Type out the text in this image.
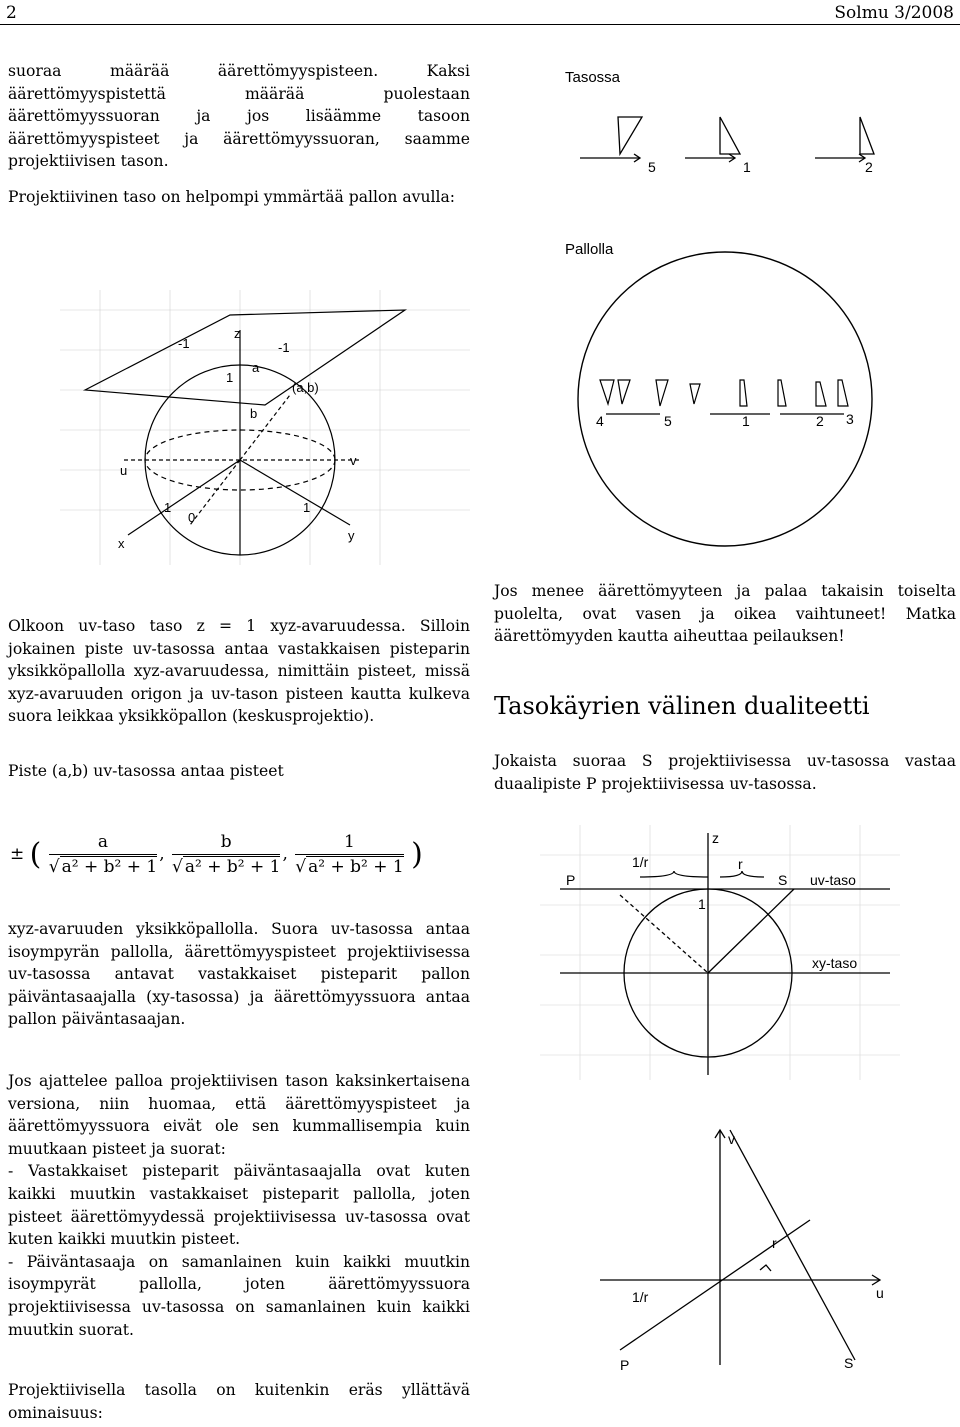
2	Solmu 3/2008
suoraa määrää äärettömyyspisteen. Kaksi äärettömyyspistettä määrää puolestaan äärettömyyssuoran ja jos lisäämme tasoon äärettömyyspisteet ja äärettömyyssuoran, saamme projektiivisen tason.
Projektiivinen taso on helpompi ymmärtää pallon avulla:
z
-1	-1
a
(a,b)
b
u
v
x
y
1
0
1
1
Olkoon uv-taso taso z = 1 xyz-avaruudessa. Silloin jokainen piste uv-tasossa antaa vastakkaisen pisteparin yksikköpallolla xyz-avaruudessa, nimittäin pisteet, missä xyz-avaruuden origon ja uv-tason pisteen kautta kulkeva suora leikkaa yksikköpallon (keskusprojektio).
Piste (a,b) uv-tasossa antaa pisteet
± ( $\frac{a}{\text{√ a² + b² + 1}}$ , $\frac{b}{\text{√ a² + b² + 1}}$ , $\frac{1}{\text{√ a² + b² + 1}}$ )
xyz-avaruuden yksikköpallolla. Suora uv-tasossa antaa isoympyrän pallolla, äärettömyyspisteet projektiivisessa uv-tasossa antavat vastakkaiset pisteparit pallon päiväntasaajalla (xy-tasossa) ja äärettömyyssuora antaa pallon päiväntasaajan.
Jos ajattelee palloa projektiivisen tason kaksinkertaisena versiona, niin huomaa, että äärettömyyspisteet ja äärettömyyssuora eivät ole sen kummallisempia kuin muutkaan pisteet ja suorat:
- Vastakkaiset pisteparit päiväntasaajalla ovat kuten kaikki muutkin vastakkaiset pisteparit pallolla, joten pisteet äärettömyydessä projektiivisessa uv-tasossa ovat kuten kaikki muutkin pisteet.
- Päiväntasaaja on samanlainen kuin kaikki muutkin isoympyrät pallolla, joten äärettömyyssuora projektiivisessa uv-tasossa on samanlainen kuin kaikki muutkin suorat.
Projektiivisella tasolla on kuitenkin eräs yllättävä ominaisuus:
Tasossa
5	1	2
Pallolla
4	5	1	2 3
Jos menee äärettömyyteen ja palaa takaisin toiselta puolelta, ovat vasen ja oikea vaihtuneet! Matka äärettömyyden kautta aiheuttaa peilauksen!
Tasokäyrien välinen dualiteetti
Jokaista suoraa S projektiivisessa uv-tasossa vastaa duaalipiste P projektiivisessa uv-tasossa.
z
P
1/r	r
S uv-taso
1
xy-taso
v
r
1/r	u
P	S
